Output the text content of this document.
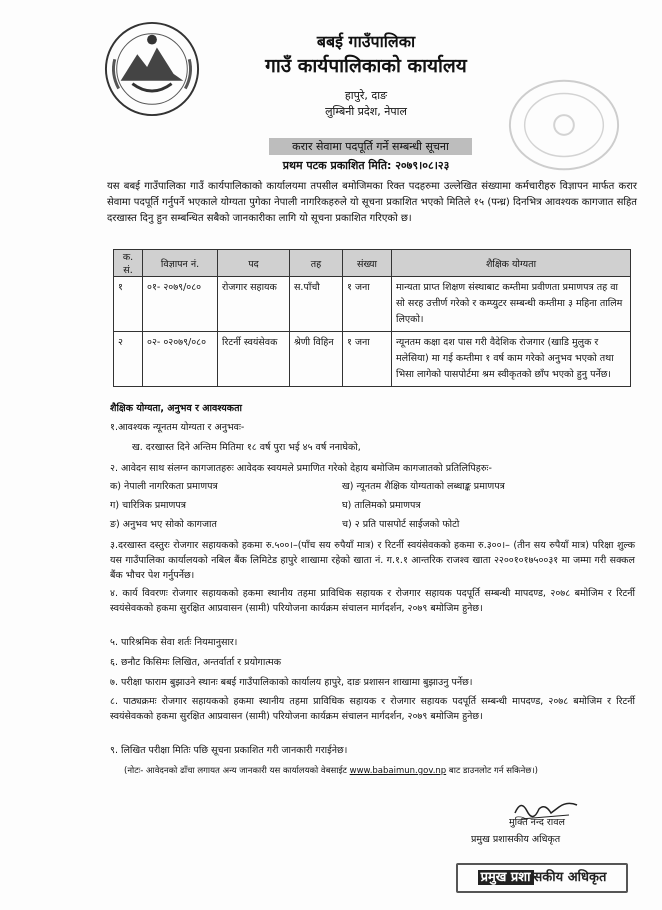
बबई गाउँपालिका
गाउँ कार्यपालिकाको कार्यालय
हापुरे, दाङ
लुम्बिनी प्रदेश, नेपाल
करार सेवामा पदपूर्ति गर्ने सम्बन्धी सूचना
प्रथम पटक प्रकाशित मिति: २०७९।०८।२३
यस बबई गाउँपालिका गाउँ कार्यपालिकाको कार्यालयमा तपसील बमोजिमका रिक्त पदहरुमा उल्लेखित संख्यामा कर्मचारीहरु विज्ञापन मार्फत करार सेवामा पदपूर्ति गर्नुपर्ने भएकाले योग्यता पुगेका नेपाली नागरिकहरुले यो सूचना प्रकाशित भएको मितिले १५ (पन्ध्र) दिनभित्र आवश्यक कागजात सहित दरखास्त दिनु हुन सम्बन्धित सबैको जानकारीका लागि यो सूचना प्रकाशित गरिएको छ।
क. सं.	विज्ञापन नं.	पद	तह	संख्या	शैक्षिक योग्यता
१	०१- २०७९/०८०	रोजगार सहायक	स.पाँचौ	१ जना	मान्यता प्राप्त शिक्षण संस्थाबाट कम्तीमा प्रवीणता प्रमाणपत्र तह वा सो सरह उत्तीर्ण गरेको र कम्प्युटर सम्बन्धी कम्तीमा ३ महिना तालिम लिएको।
२	०२- ०२०७९/०८०	रिटर्नी स्वयंसेवक	श्रेणी विहिन	१ जना	न्यूनतम कक्षा दश पास गरी वैदेशिक रोजगार (खाडि मुलुक र मलेसिया) मा गई कम्तीमा १ वर्ष काम गरेको अनुभव भएको तथा भिसा लागेको पासपोर्टमा श्रम स्वीकृतको छाँप भएको हुनु पर्नेछ।
शैक्षिक योग्यता, अनुभव र आवश्यकता
१.आवश्यक न्यूनतम योग्यता र अनुभवः-
ख. दरखास्त दिने अन्तिम मितिमा १८ वर्ष पुरा भई ४५ वर्ष ननाघेको,
२. आवेदन साथ संलग्न कागजातहरुः आवेदक स्वयमले प्रमाणित गरेको देहाय बमोजिम कागजातको प्रतिलिपिहरुः-
क) नेपाली नागरिकता प्रमाणपत्र	ख) न्यूनतम शैक्षिक योग्यताको लब्धाङ्क प्रमाणपत्र
ग) चारित्रिक प्रमाणपत्र	घ) तालिमको प्रमाणपत्र
ङ) अनुभव भए सोको कागजात	च) २ प्रति पासपोर्ट साईजको फोटो
३.दरखास्त दस्तुरः रोजगार सहायकको हकमा रु.५००।–(पाँच सय रुपैयाँ मात्र) र रिटर्नी स्वयंसेवकको हकमा रु.३००।– (तीन सय रुपैयाँ मात्र) परिक्षा शुल्क यस गाउँपालिका कार्यालयको नबिल बैंक लिमिटेड हापुरे शाखामा रहेको खाता नं. ग.१.१ आन्तरिक राजश्व खाता २२००१०१७५००३१ मा जम्मा गरी सक्कल बैंक भौचर पेश गर्नुपर्नेछ।
४. कार्य विवरणः रोजगार सहायकको हकमा स्थानीय तहमा प्राविधिक सहायक र रोजगार सहायक पदपूर्ति सम्बन्धी मापदण्ड, २०७८ बमोजिम र रिटर्नी स्वयंसेवकको हकमा सुरक्षित आप्रवासन (सामी) परियोजना कार्यक्रम संचालन मार्गदर्शन, २०७९ बमोजिम हुनेछ।
५. पारिश्रमिक सेवा शर्तः नियमानुसार।
६. छनौट किसिमः लिखित, अन्तर्वार्ता र प्रयोगात्मक
७. परीक्षा फाराम बुझाउने स्थानः बबई गाउँपालिकाको कार्यालय हापुरे, दाङ प्रशासन शाखामा बुझाउनु पर्नेछ।
८. पाठ्यक्रमः रोजगार सहायकको हकमा स्थानीय तहमा प्राविधिक सहायक र रोजगार सहायक पदपूर्ति सम्बन्धी मापदण्ड, २०७८ बमोजिम र रिटर्नी स्वयंसेवकको हकमा सुरक्षित आप्रवासन (सामी) परियोजना कार्यक्रम संचालन मार्गदर्शन, २०७९ बमोजिम हुनेछ।
९. लिखित परीक्षा मितिः पछि सूचना प्रकाशित गरी जानकारी गराईनेछ।
(नोटः- आवेदनको ढाँचा लगायत अन्य जानकारी यस कार्यालयको वेबसाईट www.babaimun.gov.np बाट डाउनलोट गर्न सकिनेछ।)
मुक्ति नन्द रावल
प्रमुख प्रशासकीय अधिकृत
प्रमुख प्रशा सकीय अधिकृत
